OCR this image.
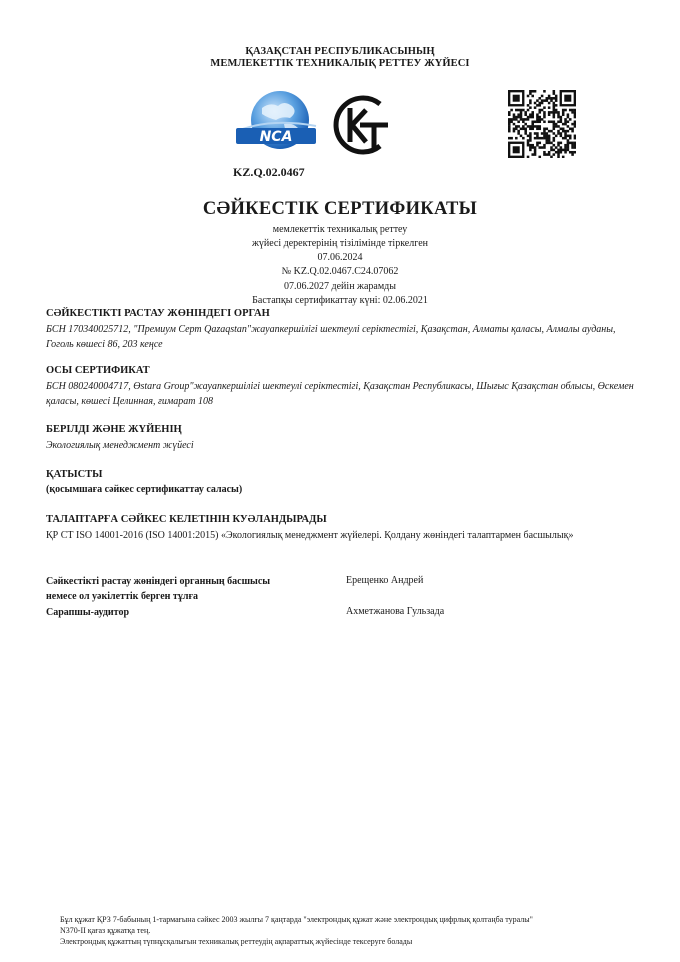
ҚАЗАҚСТАН РЕСПУБЛИКАСЫНЫҢ
МЕМЛЕКЕТТІК ТЕХНИКАЛЫҚ РЕТТЕУ ЖҮЙЕСІ
NCA
KZ.Q.02.0467
СӘЙКЕСТІК СЕРТИФИКАТЫ
мемлекеттік техникалық реттеу
жүйесі деректерінің тізілімінде тіркелген
07.06.2024
№ KZ.Q.02.0467.C24.07062
07.06.2027 дейін жарамды
Бастапқы сертификаттау күні: 02.06.2021
СӘЙКЕСТІКТІ РАСТАУ ЖӨНІНДЕГІ ОРГАН
БСН 170340025712, "Премиум Серт Qazaqstan"жауапкершілігі шектеулі серіктестігі, Қазақстан, Алматы қаласы, Алмалы ауданы, Гоголь көшесі 86, 203 кеңсе
ОСЫ СЕРТИФИКАТ
БСН 080240004717, Өstara Group"жауапкершілігі шектеулі серіктестігі, Қазақстан Республикасы, Шығыс Қазақстан облысы, Өскемен қаласы, көшесі Целинная, ғимарат 108
БЕРІЛДІ ЖӘНЕ ЖҮЙЕНІҢ
Экологиялық менеджмент жүйесі
ҚАТЫСТЫ
(қосымшаға сәйкес сертификаттау саласы)
ТАЛАПТАРҒА СӘЙКЕС КЕЛЕТІНІН КУӘЛАНДЫРАДЫ
ҚР СТ ISO 14001-2016 (ISO 14001:2015) «Экологиялық менеджмент жүйелері. Қолдану жөніндегі талаптармен басшылық»
Сәйкестікті растау жөніндегі органның басшысы немесе ол уәкілеттік берген тұлға
Ерещенко Андрей
Сарапшы-аудитор	Ахметжанова Гульзада
Бұл құжат ҚРЗ 7-бабының 1-тармағына сәйкес 2003 жылғы 7 қаңтарда "электрондық құжат және электрондық цифрлық қолтаңба туралы"
N370-II қағаз құжатқа тең.
Электрондық құжаттың түпнұсқалығын техникалық реттеудің ақпараттық жүйесінде тексеруге болады
